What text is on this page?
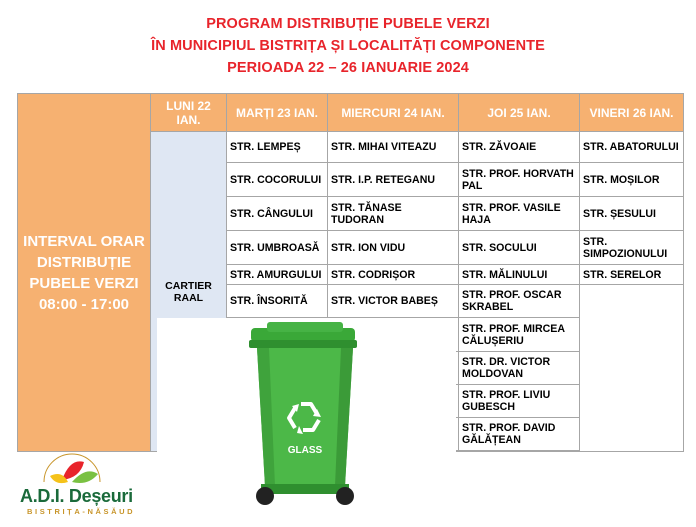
PROGRAM DISTRIBUȚIE PUBELE VERZI
ÎN MUNICIPIUL BISTRIȚA ȘI LOCALITĂȚI COMPONENTE
PERIOADA 22 – 26 IANUARIE 2024
INTERVAL ORAR DISTRIBUȚIE PUBELE VERZI 08:00 - 17:00	LUNI 22 IAN.	MARȚI 23 IAN.	MIERCURI 24 IAN.	JOI 25 IAN.	VINERI 26 IAN.
	CARTIER RAAL	STR. LEMPEȘ	STR. MIHAI VITEAZU	STR. ZĂVOAIE	STR. ABATORULUI
		STR. COCORULUI	STR. I.P. RETEGANU	STR. PROF. HORVATH PAL	STR. MOȘILOR
		STR. CÂNGULUI	STR. TĂNASE TUDORAN	STR. PROF. VASILE HAJA	STR. ȘESULUI
		STR. UMBROASĂ	STR. ION VIDU	STR. SOCULUI	STR. SIMPOZIONULUI
		STR. AMURGULUI	STR. CODRIȘOR	STR. MĂLINULUI	STR. SERELOR
		STR. ÎNSORITĂ	STR. VICTOR BABEȘ	STR. PROF. OSCAR SKRABEL	
				STR. PROF. MIRCEA CĂLUȘERIU	
				STR. DR. VICTOR MOLDOVAN	
				STR. PROF. LIVIU GUBESCH	
				STR. PROF. DAVID GĂLĂȚEAN	

GLASS
A.D.I. Deșeuri
BISTRIȚA-NĂSĂUD
